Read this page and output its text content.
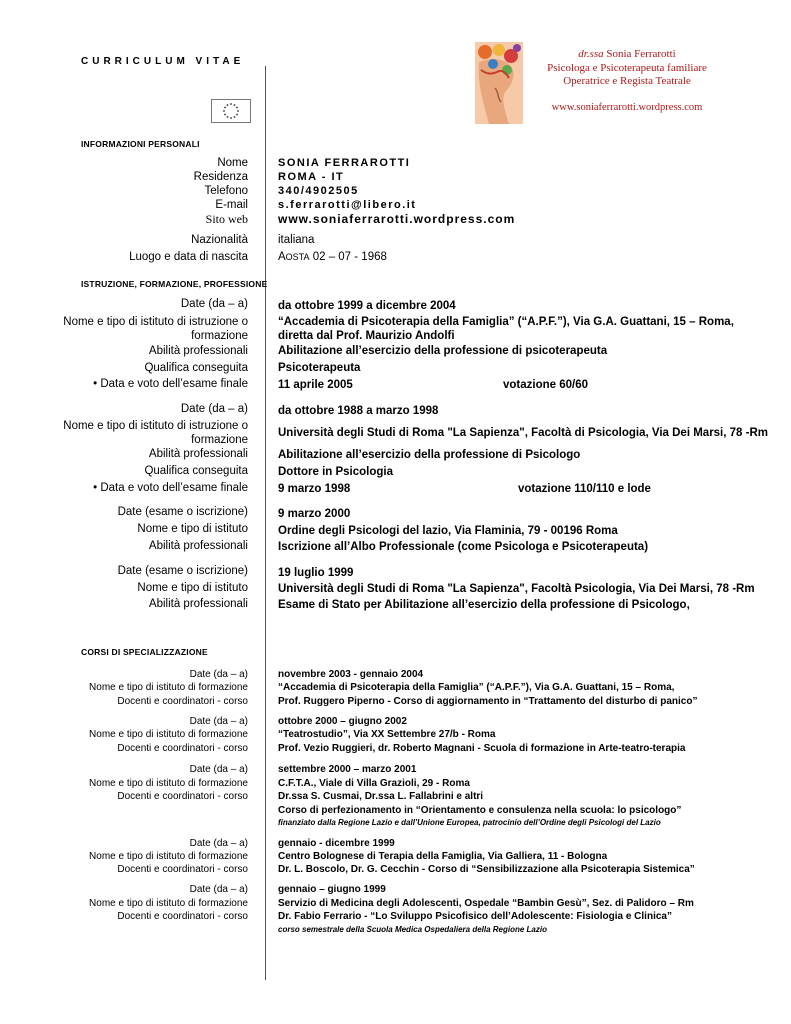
CURRICULUM VITAE
dr.ssa Sonia Ferrarotti
Psicologa e Psicoterapeuta familiare
Operatrice e Regista Teatrale
www.soniaferrarotti.wordpress.com
INFORMAZIONI PERSONALI
Nome	SONIA FERRAROTTI
Residenza	ROMA - IT
Telefono	340/4902505
E-mail	s.ferrarotti@libero.it
Sito web	www.soniaferrarotti.wordpress.com
Nazionalità	italiana
Luogo e data di nascita	AOSTA 02 – 07 - 1968
ISTRUZIONE, FORMAZIONE, PROFESSIONE
Date (da – a)	da ottobre 1999 a dicembre 2004
Nome e tipo di istituto di istruzione o
formazione
“Accademia di Psicoterapia della Famiglia” (“A.P.F.”), Via G.A. Guattani, 15 – Roma,
diretta dal Prof. Maurizio Andolfi
Abilità professionali	Abilitazione all’esercizio della professione di psicoterapeuta
Qualifica conseguita	Psicoterapeuta
• Data e voto dell’esame finale	11 aprile 2005	votazione 60/60
Date (da – a)	da ottobre 1988 a marzo 1998
Nome e tipo di istituto di istruzione o
formazione
Università degli Studi di Roma "La Sapienza", Facoltà di Psicologia, Via Dei Marsi, 78 -Rm
Abilità professionali	Abilitazione all’esercizio della professione di Psicologo
Qualifica conseguita	Dottore in Psicologia
• Data e voto dell’esame finale	9 marzo 1998	votazione 110/110 e lode
Date (esame o iscrizione)	9 marzo 2000
Nome e tipo di istituto	Ordine degli Psicologi del lazio, Via Flaminia, 79 - 00196 Roma
Abilità professionali	Iscrizione all’Albo Professionale (come Psicologa e Psicoterapeuta)
Date (esame o iscrizione)	19 luglio 1999
Nome e tipo di istituto	Università degli Studi di Roma "La Sapienza", Facoltà Psicologia, Via Dei Marsi, 78 -Rm
Abilità professionali	Esame di Stato per Abilitazione all’esercizio della professione di Psicologo,
CORSI DI SPECIALIZZAZIONE
Date (da – a)	novembre 2003 - gennaio 2004
Nome e tipo di istituto di formazione	“Accademia di Psicoterapia della Famiglia” (“A.P.F.”), Via G.A. Guattani, 15 – Roma,
Docenti e coordinatori - corso	Prof. Ruggero Piperno - Corso di aggiornamento in “Trattamento del disturbo di panico”
Date (da – a)	ottobre 2000 – giugno 2002
Nome e tipo di istituto di formazione	“Teatrostudio”, Via XX Settembre 27/b - Roma
Docenti e coordinatori - corso	Prof. Vezio Ruggieri, dr. Roberto Magnani - Scuola di formazione in Arte-teatro-terapia
Date (da – a)	settembre 2000 – marzo 2001
Nome e tipo di istituto di formazione	C.F.T.A., Viale di Villa Grazioli, 29 - Roma
Docenti e coordinatori - corso	Dr.ssa S. Cusmai, Dr.ssa L. Fallabrini e altri
Corso di perfezionamento in “Orientamento e consulenza nella scuola: lo psicologo”
finanziato dalla Regione Lazio e dall’Unione Europea, patrocinio dell’Ordine degli Psicologi del Lazio
Date (da – a)	gennaio - dicembre 1999
Nome e tipo di istituto di formazione	Centro Bolognese di Terapia della Famiglia, Via Galliera, 11 - Bologna
Docenti e coordinatori - corso	Dr. L. Boscolo, Dr. G. Cecchin - Corso di “Sensibilizzazione alla Psicoterapia Sistemica”
Date (da – a)	gennaio – giugno 1999
Nome e tipo di istituto di formazione	Servizio di Medicina degli Adolescenti, Ospedale “Bambin Gesù”, Sez. di Palidoro – Rm
Docenti e coordinatori - corso	Dr. Fabio Ferrario - “Lo Sviluppo Psicofisico dell’Adolescente: Fisiologia e Clinica”
corso semestrale della Scuola Medica Ospedaliera della Regione Lazio
